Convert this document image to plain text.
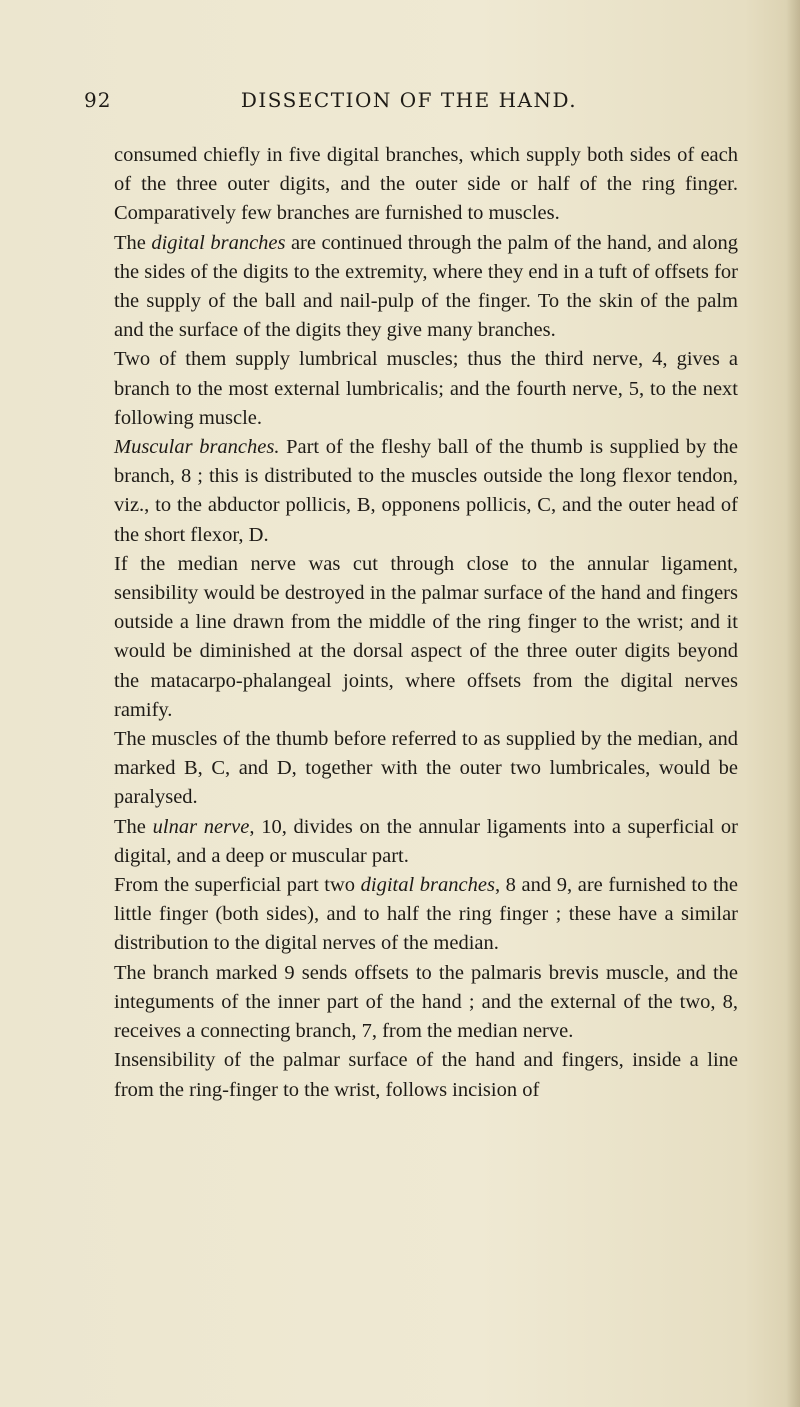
92	DISSECTION OF THE HAND.

consumed chiefly in five digital branches, which supply both sides of each of the three outer digits, and the outer side or half of the ring finger. Comparatively few branches are furnished to muscles.

The digital branches are continued through the palm of the hand, and along the sides of the digits to the extremity, where they end in a tuft of offsets for the supply of the ball and nail-pulp of the finger. To the skin of the palm and the surface of the digits they give many branches.

Two of them supply lumbrical muscles; thus the third nerve, 4, gives a branch to the most external lumbricalis; and the fourth nerve, 5, to the next following muscle.

Muscular branches. Part of the fleshy ball of the thumb is supplied by the branch, 8 ; this is distributed to the muscles outside the long flexor tendon, viz., to the abductor pollicis, B, opponens pollicis, C, and the outer head of the short flexor, D.

If the median nerve was cut through close to the annular ligament, sensibility would be destroyed in the palmar surface of the hand and fingers outside a line drawn from the middle of the ring finger to the wrist; and it would be diminished at the dorsal aspect of the three outer digits beyond the matacarpo-phalangeal joints, where offsets from the digital nerves ramify.

The muscles of the thumb before referred to as supplied by the median, and marked B, C, and D, together with the outer two lumbricales, would be paralysed.

The ulnar nerve, 10, divides on the annular ligaments into a superficial or digital, and a deep or muscular part.

From the superficial part two digital branches, 8 and 9, are furnished to the little finger (both sides), and to half the ring finger ; these have a similar distribution to the digital nerves of the median.

The branch marked 9 sends offsets to the palmaris brevis muscle, and the integuments of the inner part of the hand ; and the external of the two, 8, receives a connecting branch, 7, from the median nerve.

Insensibility of the palmar surface of the hand and fingers, inside a line from the ring-finger to the wrist, follows incision of
